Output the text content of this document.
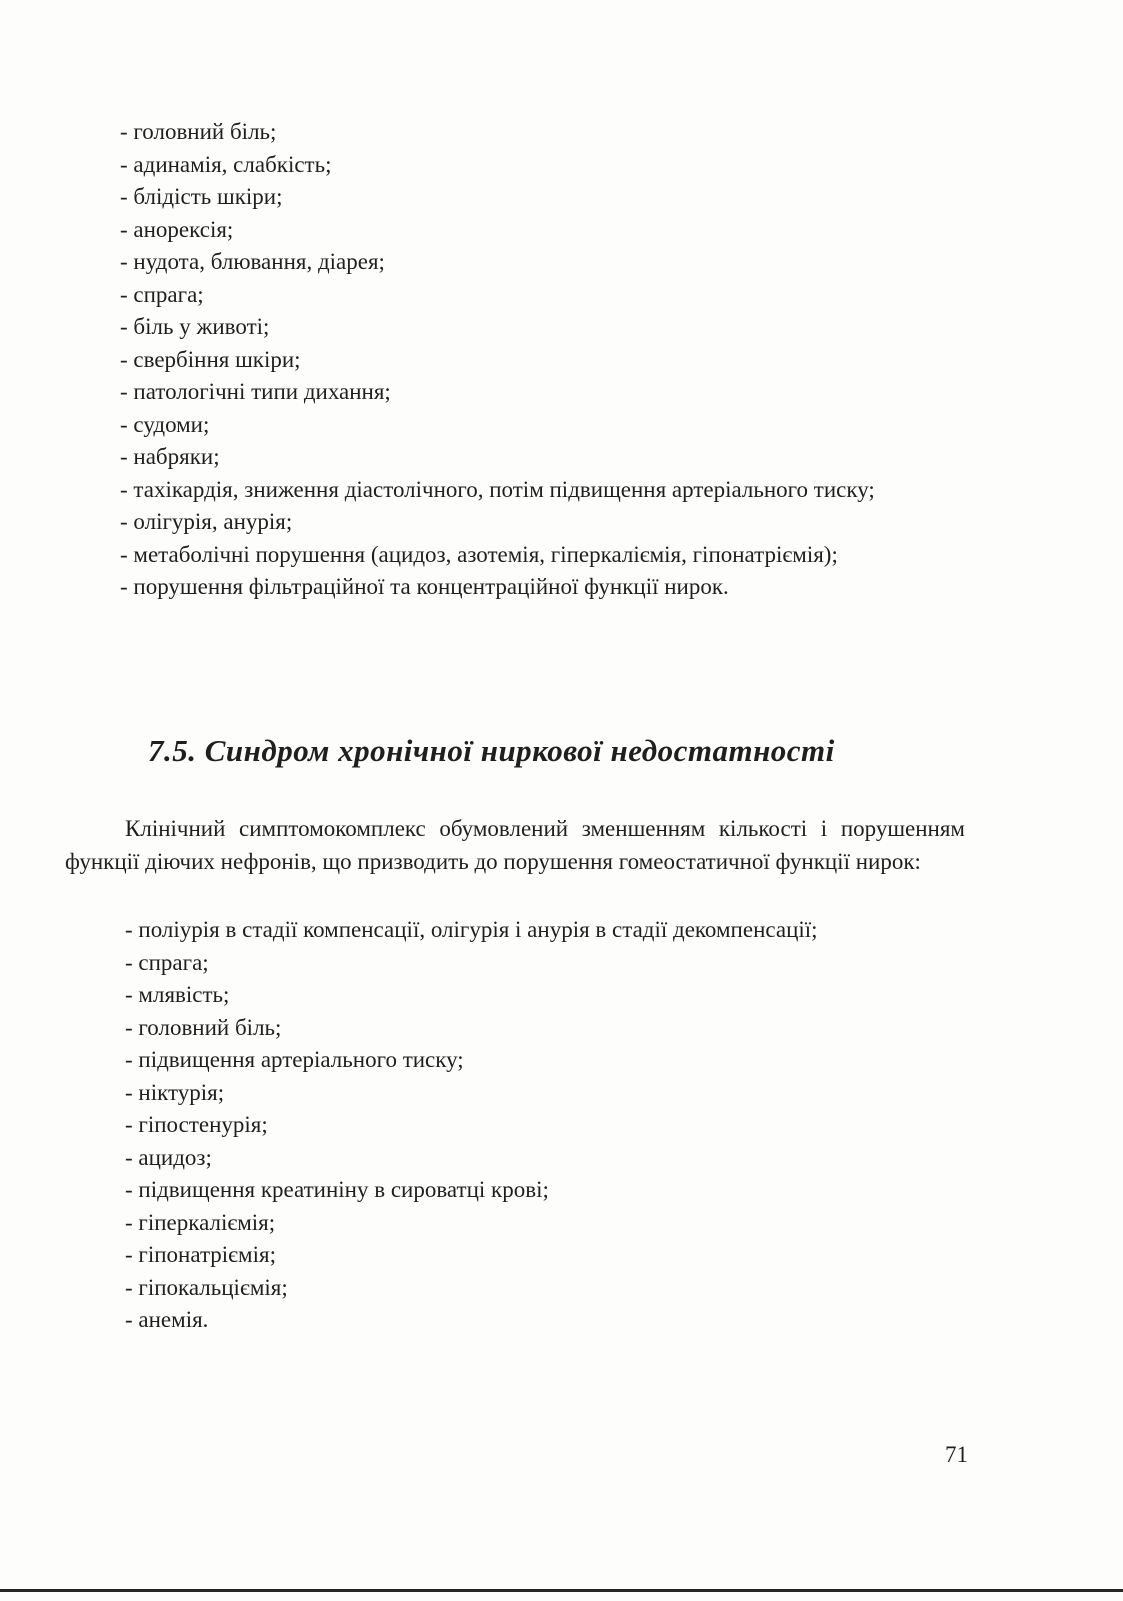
- головний біль;
- адинамія, слабкість;
- блідість шкіри;
- анорексія;
- нудота, блювання, діарея;
- спрага;
- біль у животі;
- свербіння шкіри;
- патологічні типи дихання;
- судоми;
- набряки;
- тахікардія, зниження діастолічного, потім підвищення артеріального тиску;
- олігурія, анурія;
- метаболічні порушення (ацидоз, азотемія, гіперкаліємія, гіпонатріємія);
- порушення фільтраційної та концентраційної функції нирок.
7.5. Синдром хронічної ниркової недостатності

Клінічний симптомокомплекс обумовлений зменшенням кількості і порушенням функції діючих нефронів, що призводить до порушення гомеостатичної функції нирок:

- поліурія в стадії компенсації, олігурія і анурія в стадії декомпенсації;
- спрага;
- млявість;
- головний біль;
- підвищення артеріального тиску;
- ніктурія;
- гіпостенурія;
- ацидоз;
- підвищення креатиніну в сироватці крові;
- гіперкаліємія;
- гіпонатріємія;
- гіпокальціємія;
- анемія.
71
